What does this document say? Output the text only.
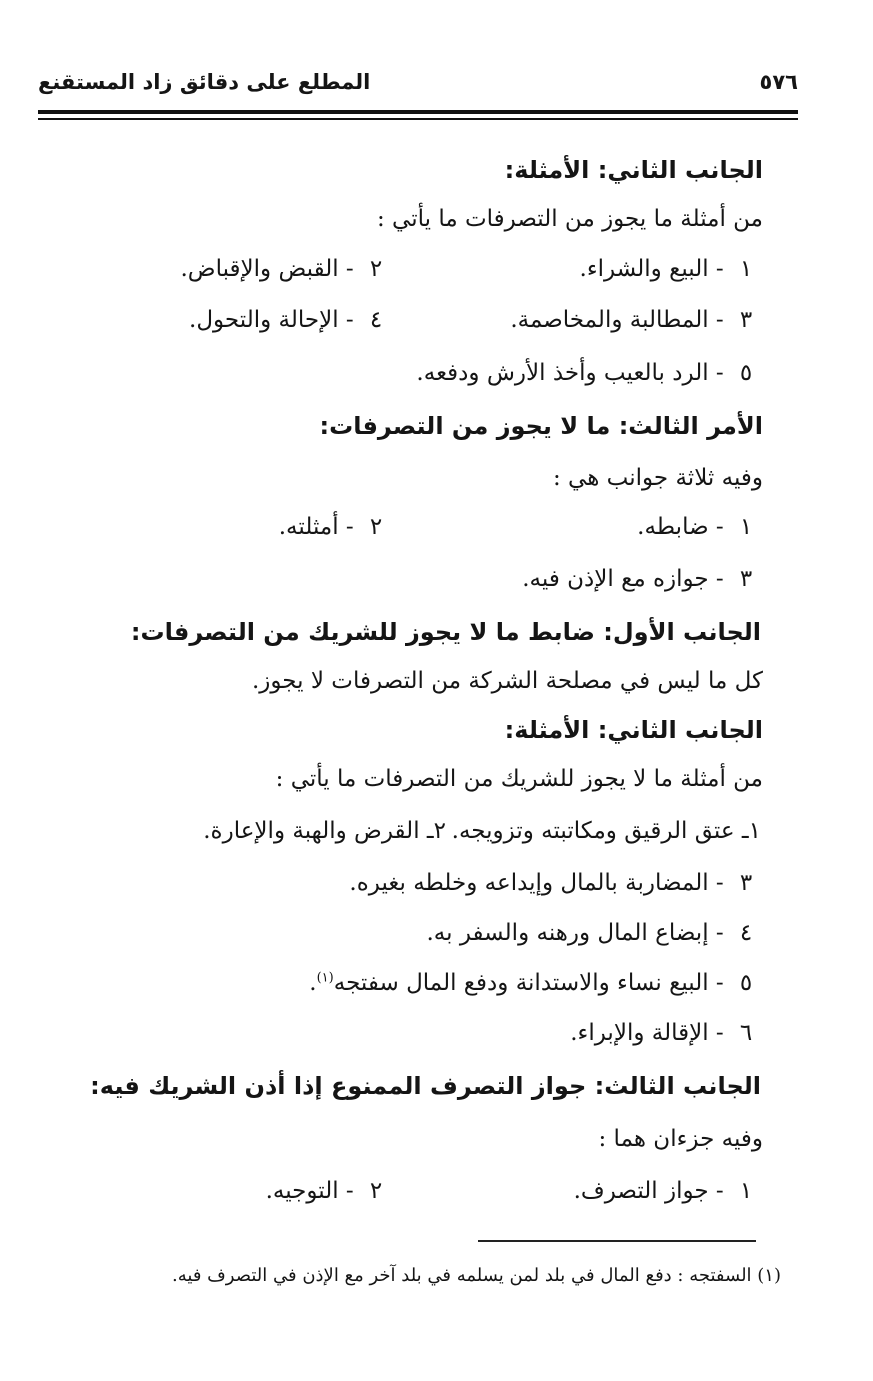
المطلع على دقائق زاد المستقنع	٥٧٦
الجانب الثاني: الأمثلة:
من أمثلة ما يجوز من التصرفات ما يأتي :
١ - البيع والشراء.
٢ - القبض والإقباض.
٣ - المطالبة والمخاصمة.
٤ - الإحالة والتحول.
٥ - الرد بالعيب وأخذ الأرش ودفعه.
الأمر الثالث: ما لا يجوز من التصرفات:
وفيه ثلاثة جوانب هي :
١ - ضابطه.
٢ - أمثلته.
٣ - جوازه مع الإذن فيه.
الجانب الأول: ضابط ما لا يجوز للشريك من التصرفات:
كل ما ليس في مصلحة الشركة من التصرفات لا يجوز.
الجانب الثاني: الأمثلة:
من أمثلة ما لا يجوز للشريك من التصرفات ما يأتي :
١ـ عتق الرقيق ومكاتبته وتزويجه.
٢ـ القرض والهبة والإعارة.
٣ - المضاربة بالمال وإيداعه وخلطه بغيره.
٤ - إبضاع المال ورهنه والسفر به.
٥ - البيع نساء والاستدانة ودفع المال سفتجه$^{(١)}$.
٦ - الإقالة والإبراء.
الجانب الثالث: جواز التصرف الممنوع إذا أذن الشريك فيه:
وفيه جزءان هما :
١ - جواز التصرف.
٢ - التوجيه.
(١) السفتجه : دفع المال في بلد لمن يسلمه في بلد آخر مع الإذن في التصرف فيه.
